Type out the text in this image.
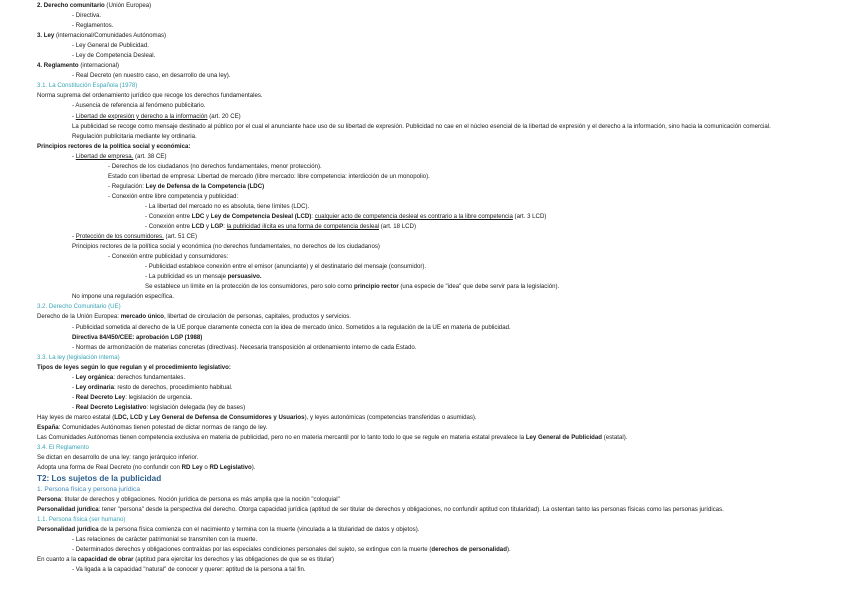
2. Derecho comunitario (Unión Europea)
- Directiva.
- Reglamentos.
3. Ley (internacional/Comunidades Autónomas)
- Ley General de Publicidad.
- Ley de Competencia Desleal.
4. Reglamento (internacional)
- Real Decreto (en nuestro caso, en desarrollo de una ley).
3.1. La Constitución Española (1978)
Norma suprema del ordenamiento jurídico que recoge los derechos fundamentales.
- Ausencia de referencia al fenómeno publicitario.
- Libertad de expresión y derecho a la información (art. 20 CE)
La publicidad se recoge como mensaje destinado al público por el cual el anunciante hace uso de su libertad de expresión. Publicidad no cae en el núcleo esencial de la libertad de expresión y el derecho a la información, sino hacia la comunicación comercial.
Regulación publicitaria mediante ley ordinaria.
Principios rectores de la política social y económica:
- Libertad de empresa. (art. 38 CE)
- Derechos de los ciudadanos (no derechos fundamentales, menor protección).
Estado con libertad de empresa: Libertad de mercado (libre mercado: libre competencia: interdicción de un monopolio).
- Regulación: Ley de Defensa de la Competencia (LDC)
- Conexión entre libre competencia y publicidad:
- La libertad del mercado no es absoluta, tiene límites (LDC).
- Conexión entre LDC y Ley de Competencia Desleal (LCD): cualquier acto de competencia desleal es contrario a la libre competencia (art. 3 LCD)
- Conexión entre LCD y LGP: la publicidad ilícita es una forma de competencia desleal (art. 18 LCD)
- Protección de los consumidores. (art. 51 CE)
Principios rectores de la política social y económica (no derechos fundamentales, no derechos de los ciudadanos)
- Conexión entre publicidad y consumidores:
- Publicidad establece conexión entre el emisor (anunciante) y el destinatario del mensaje (consumidor).
- La publicidad es un mensaje persuasivo.
Se establece un límite en la protección de los consumidores, pero solo como principio rector (una especie de "idea" que debe servir para la legislación).
No impone una regulación específica.
3.2. Derecho Comunitario (UE)
Derecho de la Unión Europea: mercado único, libertad de circulación de personas, capitales, productos y servicios.
- Publicidad sometida al derecho de la UE porque claramente conecta con la idea de mercado único. Sometidos a la regulación de la UE en materia de publicidad.
Directiva 84/450/CEE: aprobación LGP (1988)
- Normas de armonización de materias concretas (directivas). Necesaria transposición al ordenamiento interno de cada Estado.
3.3. La ley (legislación interna)
Tipos de leyes según lo que regulan y el procedimiento legislativo:
- Ley orgánica: derechos fundamentales.
- Ley ordinaria: resto de derechos, procedimiento habitual.
- Real Decreto Ley: legislación de urgencia.
- Real Decreto Legislativo: legislación delegada (ley de bases)
Hay leyes de marco estatal (LDC, LCD y Ley General de Defensa de Consumidores y Usuarios), y leyes autonómicas (competencias transferidas o asumidas).
España: Comunidades Autónomas tienen potestad de dictar normas de rango de ley.
Las Comunidades Autónomas tienen competencia exclusiva en materia de publicidad, pero no en materia mercantil por lo tanto todo lo que se regule en materia estatal prevalece la Ley General de Publicidad (estatal).
3.4. El Reglamento
Se dictan en desarrollo de una ley: rango jerárquico inferior.
Adopta una forma de Real Decreto (no confundir con RD Ley o RD Legislativo).
T2: Los sujetos de la publicidad
1. Persona física y persona jurídica
Persona: titular de derechos y obligaciones. Noción jurídica de persona es más amplia que la noción "coloquial"
Personalidad jurídica: tener "persona" desde la perspectiva del derecho. Otorga capacidad jurídica (aptitud de ser titular de derechos y obligaciones, no confundir aptitud con titularidad). La ostentan tanto las personas físicas como las personas jurídicas.
1.1. Persona física (ser humano)
Personalidad jurídica de la persona física comienza con el nacimiento y termina con la muerte (vinculada a la titularidad de datos y objetos).
- Las relaciones de carácter patrimonial se transmiten con la muerte.
- Determinados derechos y obligaciones contraídas por las especiales condiciones personales del sujeto, se extingue con la muerte (derechos de personalidad).
En cuanto a la capacidad de obrar (aptitud para ejercitar los derechos y las obligaciones de que se es titular)
- Va ligada a la capacidad "natural" de conocer y querer: aptitud de la persona a tal fin.
